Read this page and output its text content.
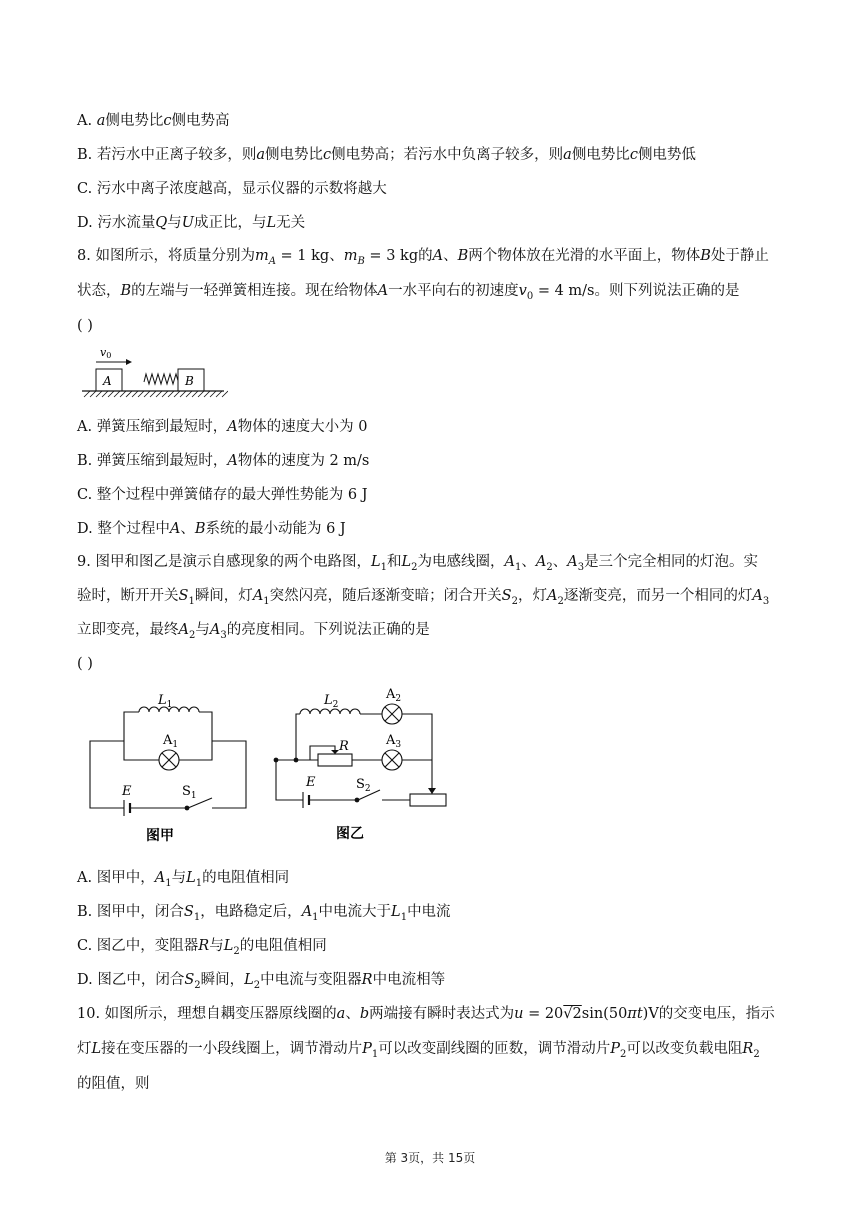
A. a侧电势比c侧电势高
B. 若污水中正离子较多，则a侧电势比c侧电势高；若污水中负离子较多，则a侧电势比c侧电势低
C. 污水中离子浓度越高，显示仪器的示数将越大
D. 污水流量Q与U成正比，与L无关
8. 如图所示，将质量分别为$m_A = 1$ kg、$m_B = 3$ kg的A、B两个物体放在光滑的水平面上，物体B处于静止
状态，B的左端与一轻弹簧相连接。现在给物体A一水平向右的初速度$v_0 = 4$ m/s。则下列说法正确的是
( )
v0
A	B
A. 弹簧压缩到最短时，A物体的速度大小为 0
B. 弹簧压缩到最短时，A物体的速度为 2 m/s
C. 整个过程中弹簧储存的最大弹性势能为 6 J
D. 整个过程中A、B系统的最小动能为 6 J
9. 图甲和图乙是演示自感现象的两个电路图，$L_1$和$L_2$为电感线圈，$A_1$、$A_2$、$A_3$是三个完全相同的灯泡。实
验时，断开开关$S_1$瞬间，灯$A_1$突然闪亮，随后逐渐变暗；闭合开关$S_2$，灯$A_2$逐渐变亮，而另一个相同的灯$A_3$
立即变亮，最终$A_2$与$A_3$的亮度相同。下列说法正确的是
( )
$L_1$
$A_1$
E	$S_1$
图甲
$L_2$
$A_2$
R	$A_3$
E	$S_2$
图乙
A. 图甲中，$A_1$与$L_1$的电阻值相同
B. 图甲中，闭合$S_1$，电路稳定后，$A_1$中电流大于$L_1$中电流
C. 图乙中，变阻器R与$L_2$的电阻值相同
D. 图乙中，闭合$S_2$瞬间，$L_2$中电流与变阻器R中电流相等
10. 如图所示，理想自耦变压器原线圈的a、b两端接有瞬时表达式为u = 20√2sin(50πt)V的交变电压，指示
灯L接在变压器的一小段线圈上，调节滑动片$P_1$可以改变副线圈的匝数，调节滑动片$P_2$可以改变负载电阻$R_2$
的阻值，则
第 3页，共 15页
